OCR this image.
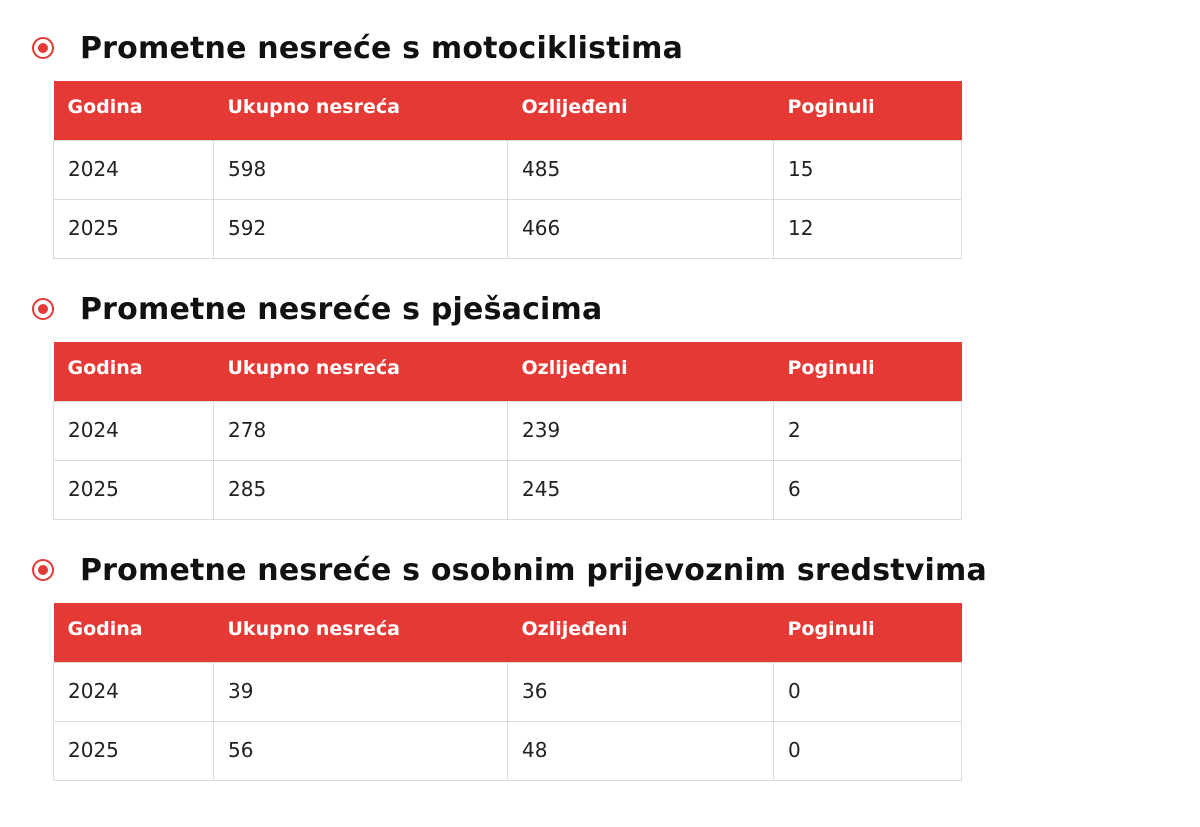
Prometne nesreće s motociklistima
Godina	Ukupno nesreća	Ozlijeđeni	Poginuli
2024	598	485	15
2025	592	466	12
Prometne nesreće s pješacima
Godina	Ukupno nesreća	Ozlijeđeni	Poginuli
2024	278	239	2
2025	285	245	6
Prometne nesreće s osobnim prijevoznim sredstvima
Godina	Ukupno nesreća	Ozlijeđeni	Poginuli
2024	39	36	0
2025	56	48	0
